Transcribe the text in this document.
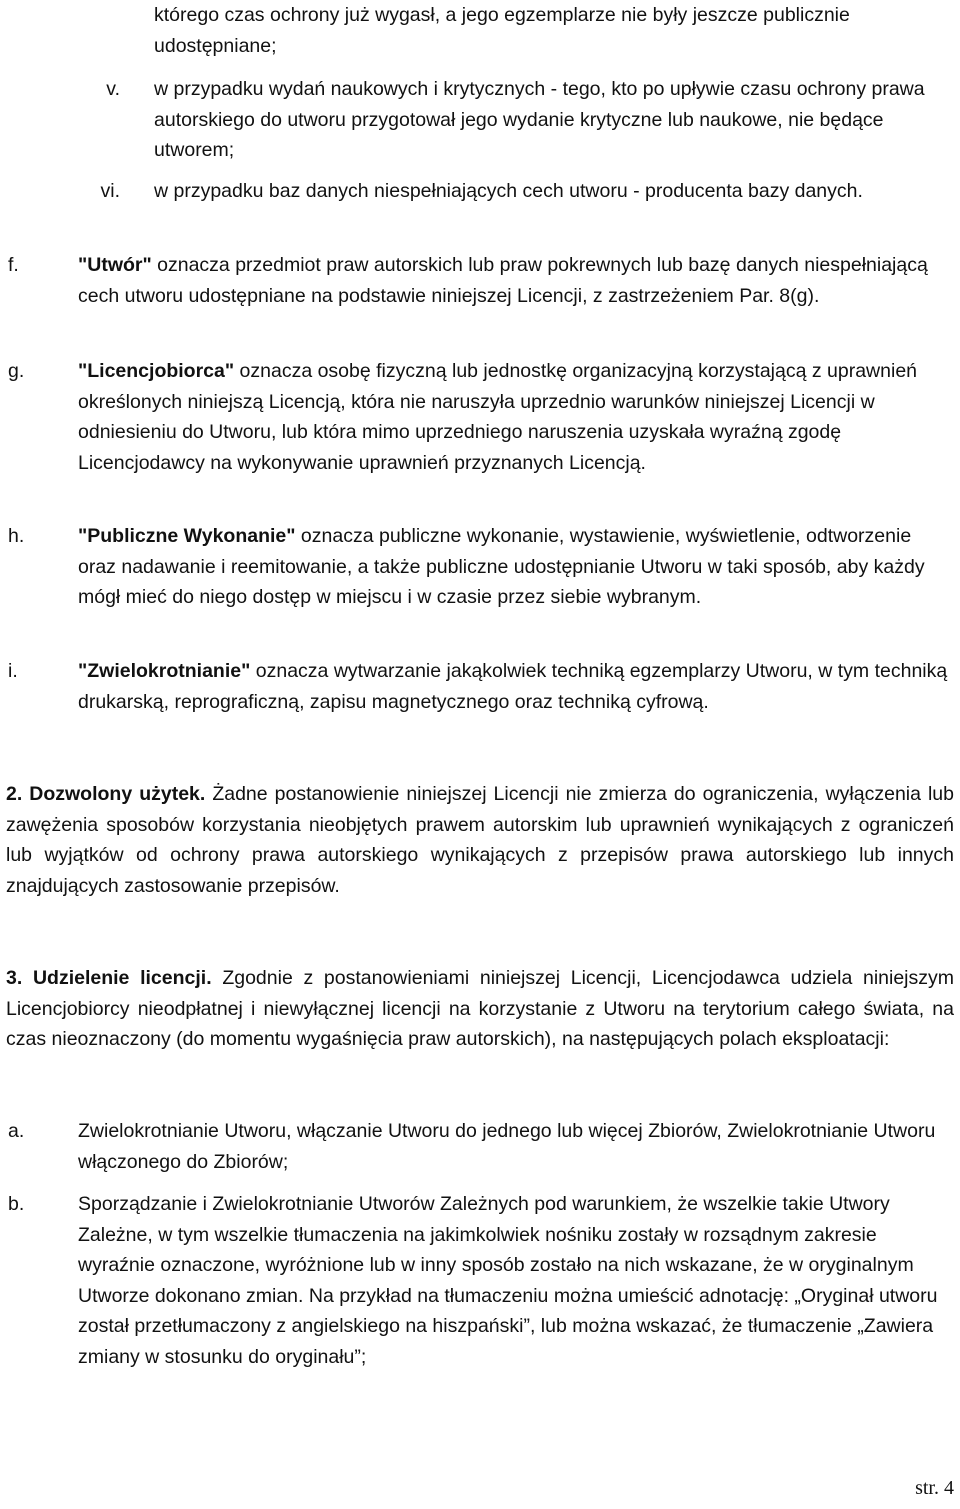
którego czas ochrony już wygasł, a jego egzemplarze nie były jeszcze publicznie udostępniane;
v. w przypadku wydań naukowych i krytycznych - tego, kto po upływie czasu ochrony prawa autorskiego do utworu przygotował jego wydanie krytyczne lub naukowe, nie będące utworem;
vi. w przypadku baz danych niespełniających cech utworu - producenta bazy danych.
f.	"Utwór" oznacza przedmiot praw autorskich lub praw pokrewnych lub bazę danych niespełniającą cech utworu udostępniane na podstawie niniejszej Licencji, z zastrzeżeniem Par. 8(g).
g.	"Licencjobiorca" oznacza osobę fizyczną lub jednostkę organizacyjną korzystającą z uprawnień określonych niniejszą Licencją, która nie naruszyła uprzednio warunków niniejszej Licencji w odniesieniu do Utworu, lub która mimo uprzedniego naruszenia uzyskała wyraźną zgodę Licencjodawcy na wykonywanie uprawnień przyznanych Licencją.
h.	"Publiczne Wykonanie" oznacza publiczne wykonanie, wystawienie, wyświetlenie, odtworzenie oraz nadawanie i reemitowanie, a także publiczne udostępnianie Utworu w taki sposób, aby każdy mógł mieć do niego dostęp w miejscu i w czasie przez siebie wybranym.
i.	"Zwielokrotnianie" oznacza wytwarzanie jakąkolwiek techniką egzemplarzy Utworu, w tym techniką drukarską, reprograficzną, zapisu magnetycznego oraz techniką cyfrową.
2. Dozwolony użytek. Żadne postanowienie niniejszej Licencji nie zmierza do ograniczenia, wyłączenia lub zawężenia sposobów korzystania nieobjętych prawem autorskim lub uprawnień wynikających z ograniczeń lub wyjątków od ochrony prawa autorskiego wynikających z przepisów prawa autorskiego lub innych znajdujących zastosowanie przepisów.
3. Udzielenie licencji. Zgodnie z postanowieniami niniejszej Licencji, Licencjodawca udziela niniejszym Licencjobiorcy nieodpłatnej i niewyłącznej licencji na korzystanie z Utworu na terytorium całego świata, na czas nieoznaczony (do momentu wygaśnięcia praw autorskich), na następujących polach eksploatacji:
a.	Zwielokrotnianie Utworu, włączanie Utworu do jednego lub więcej Zbiorów, Zwielokrotnianie Utworu włączonego do Zbiorów;
b.	Sporządzanie i Zwielokrotnianie Utworów Zależnych pod warunkiem, że wszelkie takie Utwory Zależne, w tym wszelkie tłumaczenia na jakimkolwiek nośniku zostały w rozsądnym zakresie wyraźnie oznaczone, wyróżnione lub w inny sposób zostało na nich wskazane, że w oryginalnym Utworze dokonano zmian. Na przykład na tłumaczeniu można umieścić adnotację: „Oryginał utworu został przetłumaczony z angielskiego na hiszpański”, lub można wskazać, że tłumaczenie „Zawiera zmiany w stosunku do oryginału”;
str. 4
